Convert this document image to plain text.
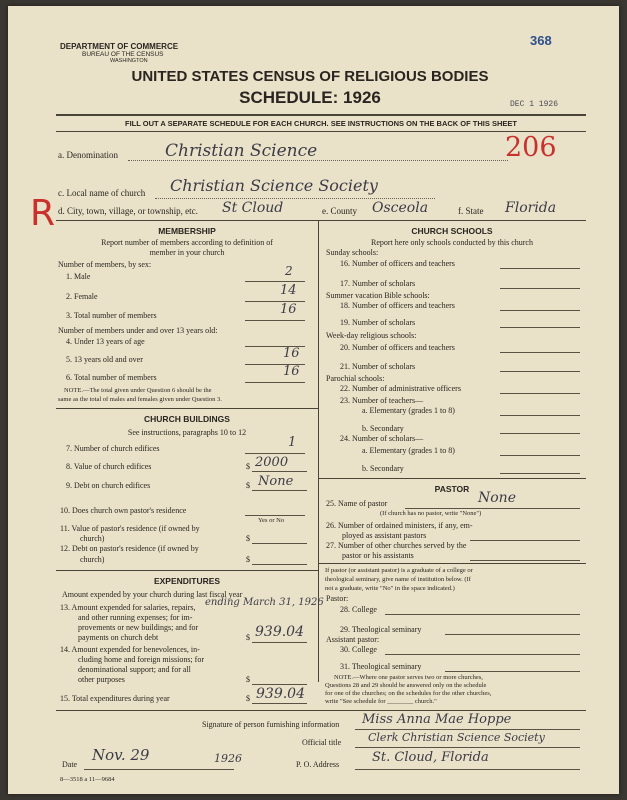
DEPARTMENT OF COMMERCE
BUREAU OF THE CENSUS
WASHINGTON
UNITED STATES CENSUS OF RELIGIOUS BODIES
SCHEDULE: 1926
368
DEC 1 1926
FILL OUT A SEPARATE SCHEDULE FOR EACH CHURCH. SEE INSTRUCTIONS ON THE BACK OF THIS SHEET
a. Denomination	Christian Science	206
R c. Local name of church Christian Science Society
d. City, town, village, or township, etc. St Cloud	e. County Osceola	f. State Florida
MEMBERSHIP
Report number of members according to definition of
member in your church
Number of members, by sex:
1. Male	2
2. Female	14
3. Total number of members	16
Number of members under and over 13 years old:
4. Under 13 years of age
5. 13 years old and over	16
6. Total number of members	16
NOTE.—The total given under Question 6 should be the
same as the total of males and females given under Question 3.
CHURCH BUILDINGS
See instructions, paragraphs 10 to 12
7. Number of church edifices	1
8. Value of church edifices	$ 2000
9. Debt on church edifices	$ None
10. Does church own pastor's residence
Yes or No
11. Value of pastor's residence (if owned by
church)	$
12. Debt on pastor's residence (if owned by
church)	$
EXPENDITURES
Amount expended by your church during last fiscal year
ending March 31, 1926
13. Amount expended for salaries, repairs,
and other running expenses; for im-
provements or new buildings; and for
payments on church debt	$ 939.04
14. Amount expended for benevolences, in-
cluding home and foreign missions; for
denominational support; and for all
other purposes	$
15. Total expenditures during year	$ 939.04
CHURCH SCHOOLS
Report here only schools conducted by this church
Sunday schools:
16. Number of officers and teachers
17. Number of scholars
Summer vacation Bible schools:
18. Number of officers and teachers
19. Number of scholars
Week-day religious schools:
20. Number of officers and teachers
21. Number of scholars
Parochial schools:
22. Number of administrative officers
23. Number of teachers—
a. Elementary (grades 1 to 8)
b. Secondary
24. Number of scholars—
a. Elementary (grades 1 to 8)
b. Secondary
PASTOR
25. Name of pastor	None
(If church has no pastor, write "None")
26. Number of ordained ministers, if any, em-
ployed as assistant pastors
27. Number of other churches served by the
pastor or his assistants
If pastor (or assistant pastor) is a graduate of a college or
theological seminary, give name of institution below. (If
not a graduate, write "No" in the space indicated.)
Pastor:
28. College
29. Theological seminary
Assistant pastor:
30. College
31. Theological seminary
NOTE.—Where one pastor serves two or more churches,
Questions 28 and 29 should be answered only on the schedule
for one of the churches; on the schedules for the other churches,
write "See schedule for ________ church."
Signature of person furnishing information Miss Anna Mae Hoppe
Official title Clerk Christian Science Society
Date
Nov. 29	1926	P. O. Address	St. Cloud, Florida
8—3518 a 11—9684
